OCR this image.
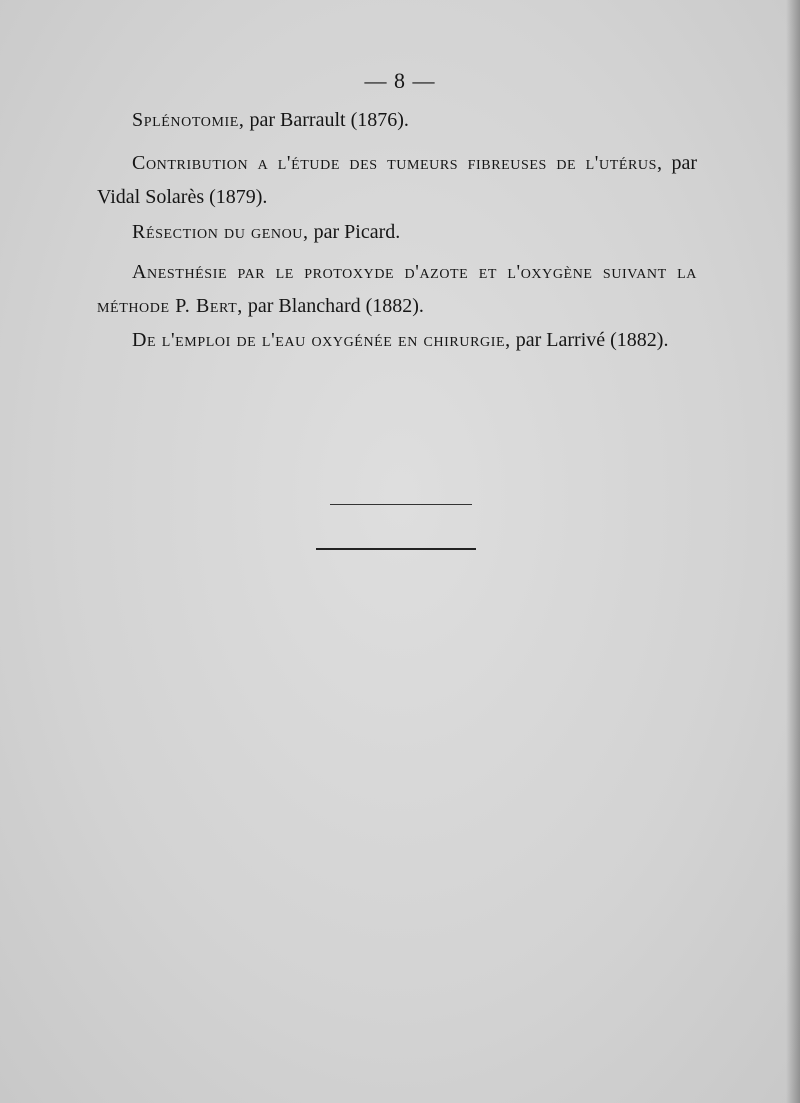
— 8 —

Splénotomie, par Barrault (1876).

Contribution a l'étude des tumeurs fibreuses de l'utérus, par Vidal Solarès (1879).

Résection du genou, par Picard.

Anesthésie par le protoxyde d'azote et l'oxygène suivant la méthode P. Bert, par Blanchard (1882).

De l'emploi de l'eau oxygénée en chirurgie, par Larrivé (1882).
